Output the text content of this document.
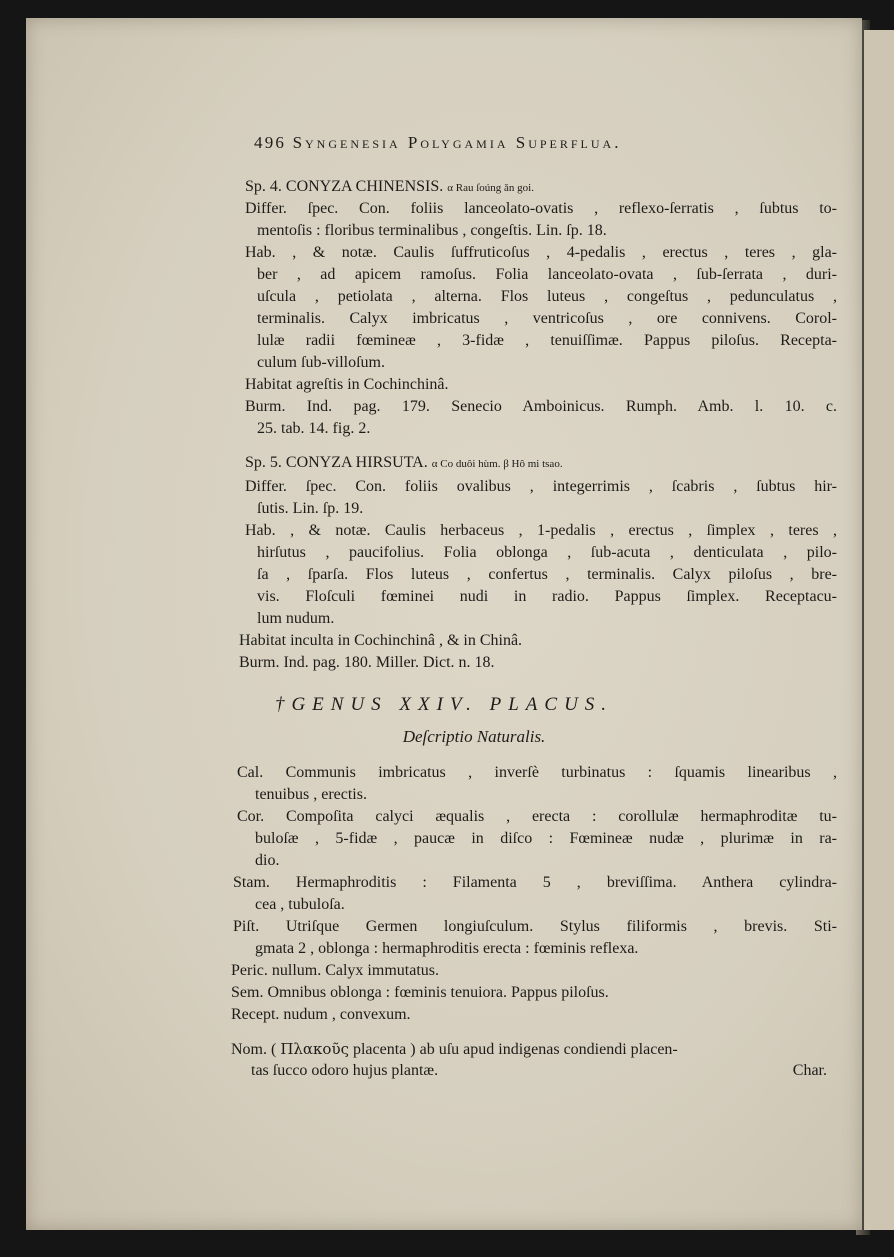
496 Syngenesia Polygamia Superflua.
Sp. 4. CONYZA CHINENSIS. α Rau ſoúng ǎn goi.
Differ. ſpec. Con. foliis lanceolato-ovatis , reflexo-ſerratis , ſubtus to-
mentoſis : floribus terminalibus , congeſtis. Lin. ſp. 18.
Hab. , & notæ. Caulis ſuffruticoſus , 4-pedalis , erectus , teres , gla-
ber , ad apicem ramoſus. Folia lanceolato-ovata , ſub-ſerrata , duri-
uſcula , petiolata , alterna. Flos luteus , congeſtus , pedunculatus ,
terminalis. Calyx imbricatus , ventricoſus , ore connivens. Corol-
lulæ radii fœmineæ , 3-fidæ , tenuiſſimæ. Pappus piloſus. Recepta-
culum ſub-villoſum.
Habitat agreſtis in Cochinchinâ.
Burm. Ind. pag. 179. Senecio Amboinicus. Rumph. Amb. l. 10. c.
25. tab. 14. fig. 2.
Sp. 5. CONYZA HIRSUTA. α Co duôi hùm. β Hô mi tsao.
Differ. ſpec. Con. foliis ovalibus , integerrimis , ſcabris , ſubtus hir-
ſutis. Lin. ſp. 19.
Hab. , & notæ. Caulis herbaceus , 1-pedalis , erectus , ſimplex , teres ,
hirſutus , paucifolius. Folia oblonga , ſub-acuta , denticulata , pilo-
ſa , ſparſa. Flos luteus , confertus , terminalis. Calyx piloſus , bre-
vis. Floſculi fœminei nudi in radio. Pappus ſimplex. Receptacu-
lum nudum.
Habitat inculta in Cochinchinâ , & in Chinâ.
Burm. Ind. pag. 180. Miller. Dict. n. 18.
†GENUS XXIV. PLACUS.
Deſcriptio Naturalis.
Cal. Communis imbricatus , inverſè turbinatus : ſquamis linearibus ,
tenuibus , erectis.
Cor. Compoſita calyci æqualis , erecta : corollulæ hermaphroditæ tu-
buloſæ , 5-fidæ , paucæ in diſco : Fœmineæ nudæ , plurimæ in ra-
dio.
Stam. Hermaphroditis : Filamenta 5 , breviſſima. Anthera cylindra-
cea , tubuloſa.
Piſt. Utriſque Germen longiuſculum. Stylus filiformis , brevis. Sti-
gmata 2 , oblonga : hermaphroditis erecta : fœminis reflexa.
Peric. nullum. Calyx immutatus.
Sem. Omnibus oblonga : fœminis tenuiora. Pappus piloſus.
Recept. nudum , convexum.
Nom. ( Πλακοῦς placenta ) ab uſu apud indigenas condiendi placen-
tas ſucco odoro hujus plantæ.	Char.
